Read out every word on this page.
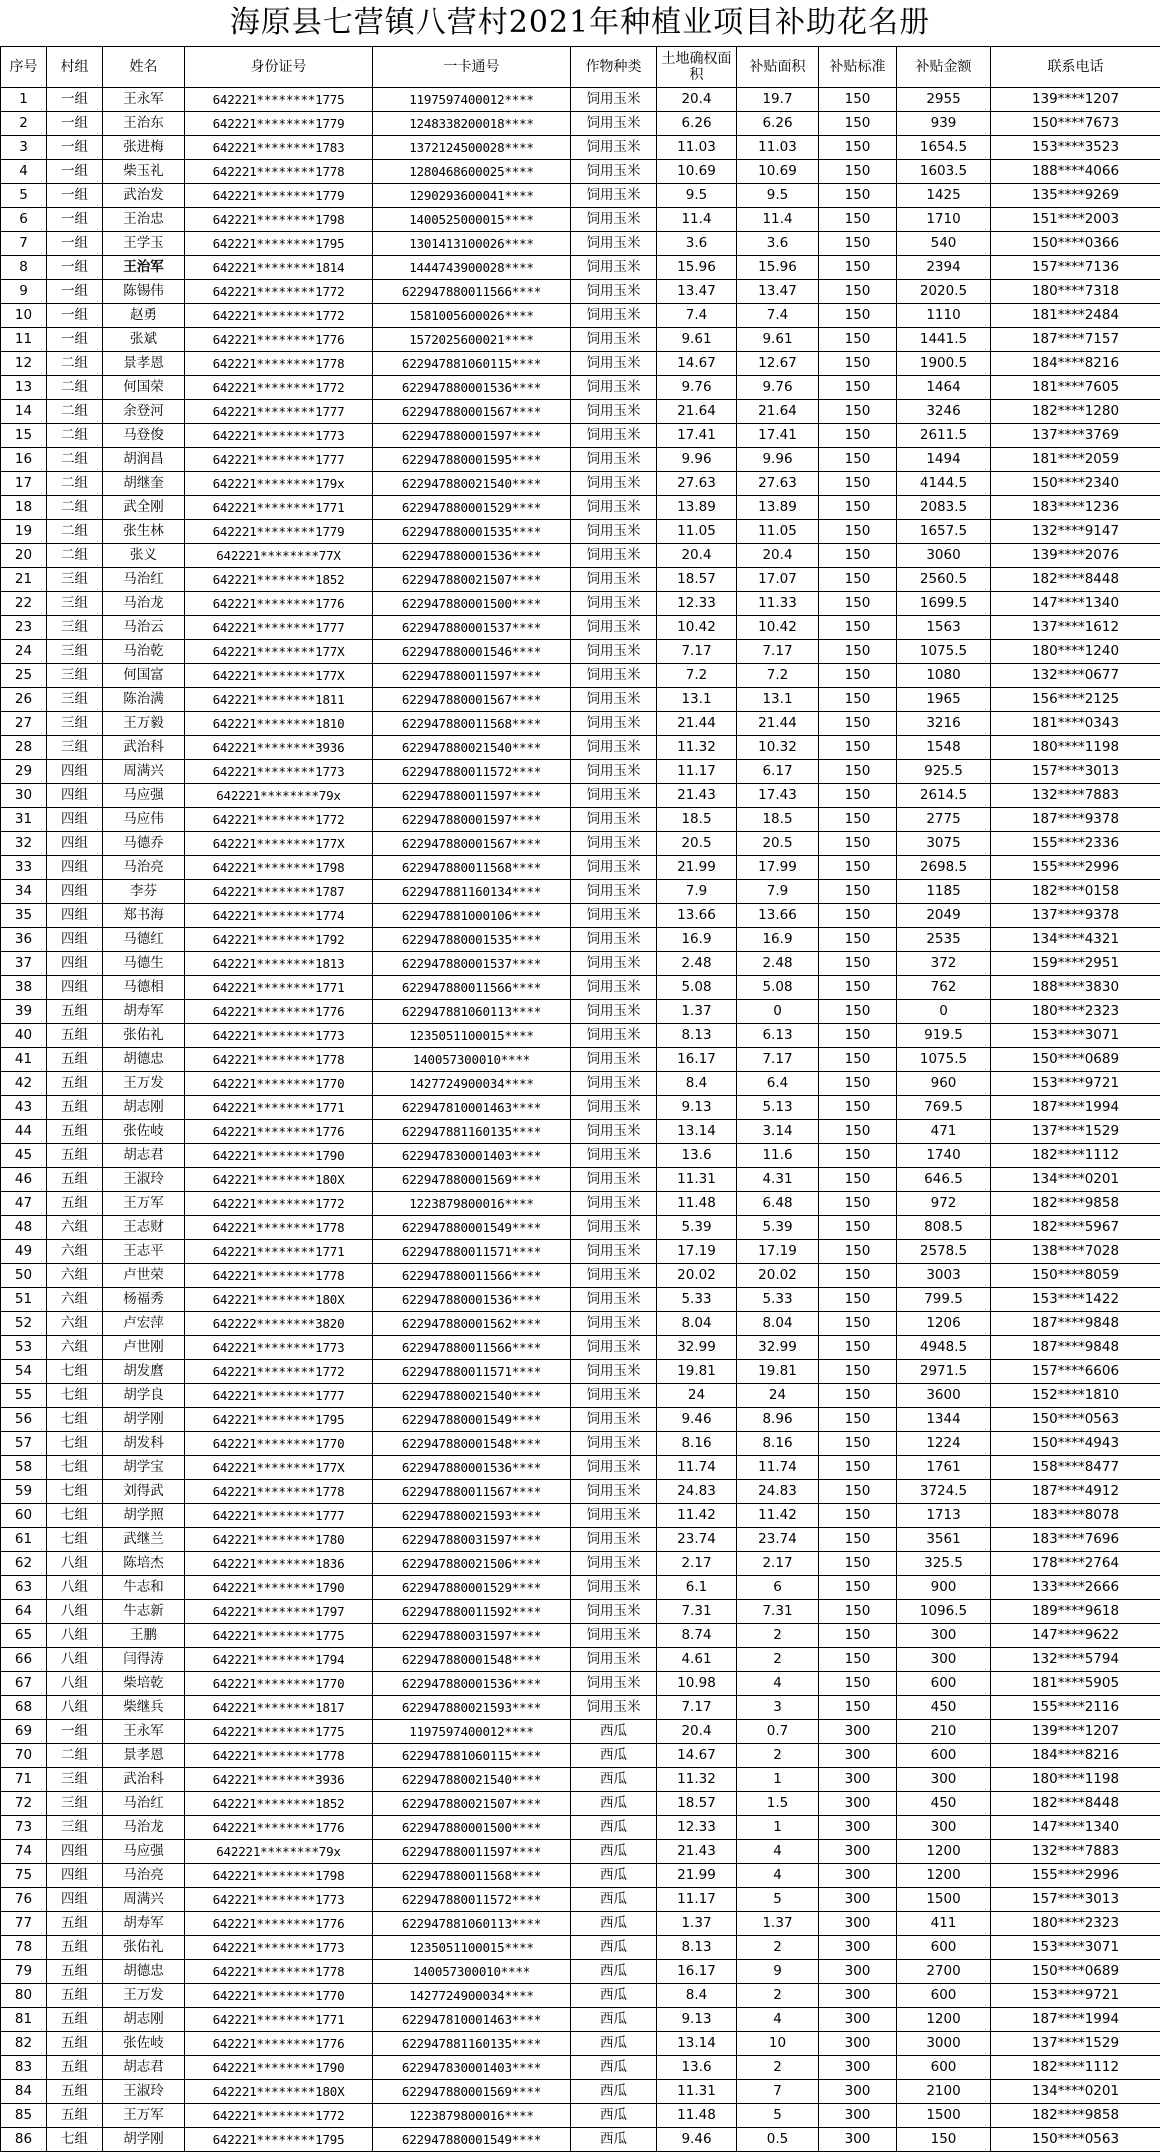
海原县七营镇八营村2021年种植业项目补助花名册
序号	村组	姓名	身份证号	一卡通号	作物种类	土地确权面积	补贴面积	补贴标准	补贴金额	联系电话
1	一组	王永军	642221********1775	1197597400012****	饲用玉米	20.4	19.7	150	2955	139****1207
2	一组	王治东	642221********1779	1248338200018****	饲用玉米	6.26	6.26	150	939	150****7673
3	一组	张进梅	642221********1783	1372124500028****	饲用玉米	11.03	11.03	150	1654.5	153****3523
4	一组	柴玉礼	642221********1778	1280468600025****	饲用玉米	10.69	10.69	150	1603.5	188****4066
5	一组	武治发	642221********1779	1290293600041****	饲用玉米	9.5	9.5	150	1425	135****9269
6	一组	王治忠	642221********1798	1400525000015****	饲用玉米	11.4	11.4	150	1710	151****2003
7	一组	王学玉	642221********1795	1301413100026****	饲用玉米	3.6	3.6	150	540	150****0366
8	一组	王治军	642221********1814	1444743900028****	饲用玉米	15.96	15.96	150	2394	157****7136
9	一组	陈锡伟	642221********1772	622947880011566****	饲用玉米	13.47	13.47	150	2020.5	180****7318
10	一组	赵勇	642221********1772	1581005600026****	饲用玉米	7.4	7.4	150	1110	181****2484
11	一组	张斌	642221********1776	1572025600021****	饲用玉米	9.61	9.61	150	1441.5	187****7157
12	二组	景孝恩	642221********1778	622947881060115****	饲用玉米	14.67	12.67	150	1900.5	184****8216
13	二组	何国荣	642221********1772	622947880001536****	饲用玉米	9.76	9.76	150	1464	181****7605
14	二组	余登河	642221********1777	622947880001567****	饲用玉米	21.64	21.64	150	3246	182****1280
15	二组	马登俊	642221********1773	622947880001597****	饲用玉米	17.41	17.41	150	2611.5	137****3769
16	二组	胡润昌	642221********1777	622947880001595****	饲用玉米	9.96	9.96	150	1494	181****2059
17	二组	胡继奎	642221********179x	622947880021540****	饲用玉米	27.63	27.63	150	4144.5	150****2340
18	二组	武全刚	642221********1771	622947880001529****	饲用玉米	13.89	13.89	150	2083.5	183****1236
19	二组	张生林	642221********1779	622947880001535****	饲用玉米	11.05	11.05	150	1657.5	132****9147
20	二组	张义	642221********77X	622947880001536****	饲用玉米	20.4	20.4	150	3060	139****2076
21	三组	马治红	642221********1852	622947880021507****	饲用玉米	18.57	17.07	150	2560.5	182****8448
22	三组	马治龙	642221********1776	622947880001500****	饲用玉米	12.33	11.33	150	1699.5	147****1340
23	三组	马治云	642221********1777	622947880001537****	饲用玉米	10.42	10.42	150	1563	137****1612
24	三组	马治乾	642221********177X	622947880001546****	饲用玉米	7.17	7.17	150	1075.5	180****1240
25	三组	何国富	642221********177X	622947880011597****	饲用玉米	7.2	7.2	150	1080	132****0677
26	三组	陈治满	642221********1811	622947880001567****	饲用玉米	13.1	13.1	150	1965	156****2125
27	三组	王万毅	642221********1810	622947880011568****	饲用玉米	21.44	21.44	150	3216	181****0343
28	三组	武治科	642221********3936	622947880021540****	饲用玉米	11.32	10.32	150	1548	180****1198
29	四组	周满兴	642221********1773	622947880011572****	饲用玉米	11.17	6.17	150	925.5	157****3013
30	四组	马应强	642221********79x	622947880011597****	饲用玉米	21.43	17.43	150	2614.5	132****7883
31	四组	马应伟	642221********1772	622947880001597****	饲用玉米	18.5	18.5	150	2775	187****9378
32	四组	马德乔	642221********177X	622947880001567****	饲用玉米	20.5	20.5	150	3075	155****2336
33	四组	马治亮	642221********1798	622947880011568****	饲用玉米	21.99	17.99	150	2698.5	155****2996
34	四组	李芬	642221********1787	622947881160134****	饲用玉米	7.9	7.9	150	1185	182****0158
35	四组	郑书海	642221********1774	622947881000106****	饲用玉米	13.66	13.66	150	2049	137****9378
36	四组	马德红	642221********1792	622947880001535****	饲用玉米	16.9	16.9	150	2535	134****4321
37	四组	马德生	642221********1813	622947880001537****	饲用玉米	2.48	2.48	150	372	159****2951
38	四组	马德相	642221********1771	622947880011566****	饲用玉米	5.08	5.08	150	762	188****3830
39	五组	胡寿军	642221********1776	622947881060113****	饲用玉米	1.37	0	150	0	180****2323
40	五组	张佑礼	642221********1773	1235051100015****	饲用玉米	8.13	6.13	150	919.5	153****3071
41	五组	胡德忠	642221********1778	140057300010****	饲用玉米	16.17	7.17	150	1075.5	150****0689
42	五组	王万发	642221********1770	1427724900034****	饲用玉米	8.4	6.4	150	960	153****9721
43	五组	胡志刚	642221********1771	622947810001463****	饲用玉米	9.13	5.13	150	769.5	187****1994
44	五组	张佐岐	642221********1776	622947881160135****	饲用玉米	13.14	3.14	150	471	137****1529
45	五组	胡志君	642221********1790	622947830001403****	饲用玉米	13.6	11.6	150	1740	182****1112
46	五组	王淑玲	642221********180X	622947880001569****	饲用玉米	11.31	4.31	150	646.5	134****0201
47	五组	王万军	642221********1772	1223879800016****	饲用玉米	11.48	6.48	150	972	182****9858
48	六组	王志财	642221********1778	622947880001549****	饲用玉米	5.39	5.39	150	808.5	182****5967
49	六组	王志平	642221********1771	622947880011571****	饲用玉米	17.19	17.19	150	2578.5	138****7028
50	六组	卢世荣	642221********1778	622947880011566****	饲用玉米	20.02	20.02	150	3003	150****8059
51	六组	杨福秀	642221********180X	622947880001536****	饲用玉米	5.33	5.33	150	799.5	153****1422
52	六组	卢宏萍	642222********3820	622947880001562****	饲用玉米	8.04	8.04	150	1206	187****9848
53	六组	卢世刚	642221********1773	622947880011566****	饲用玉米	32.99	32.99	150	4948.5	187****9848
54	七组	胡发麿	642221********1772	622947880011571****	饲用玉米	19.81	19.81	150	2971.5	157****6606
55	七组	胡学良	642221********1777	622947880021540****	饲用玉米	24	24	150	3600	152****1810
56	七组	胡学刚	642221********1795	622947880001549****	饲用玉米	9.46	8.96	150	1344	150****0563
57	七组	胡发科	642221********1770	622947880001548****	饲用玉米	8.16	8.16	150	1224	150****4943
58	七组	胡学宝	642221********177X	622947880001536****	饲用玉米	11.74	11.74	150	1761	158****8477
59	七组	刘得武	642221********1778	622947880011567****	饲用玉米	24.83	24.83	150	3724.5	187****4912
60	七组	胡学照	642221********1777	622947880021593****	饲用玉米	11.42	11.42	150	1713	183****8078
61	七组	武继兰	642221********1780	622947880031597****	饲用玉米	23.74	23.74	150	3561	183****7696
62	八组	陈培杰	642221********1836	622947880021506****	饲用玉米	2.17	2.17	150	325.5	178****2764
63	八组	牛志和	642221********1790	622947880001529****	饲用玉米	6.1	6	150	900	133****2666
64	八组	牛志新	642221********1797	622947880011592****	饲用玉米	7.31	7.31	150	1096.5	189****9618
65	八组	王鹏	642221********1775	622947880031597****	饲用玉米	8.74	2	150	300	147****9622
66	八组	闫得涛	642221********1794	622947880001548****	饲用玉米	4.61	2	150	300	132****5794
67	八组	柴培乾	642221********1770	622947880001536****	饲用玉米	10.98	4	150	600	181****5905
68	八组	柴继兵	642221********1817	622947880021593****	饲用玉米	7.17	3	150	450	155****2116
69	一组	王永军	642221********1775	1197597400012****	西瓜	20.4	0.7	300	210	139****1207
70	二组	景孝恩	642221********1778	622947881060115****	西瓜	14.67	2	300	600	184****8216
71	三组	武治科	642221********3936	622947880021540****	西瓜	11.32	1	300	300	180****1198
72	三组	马治红	642221********1852	622947880021507****	西瓜	18.57	1.5	300	450	182****8448
73	三组	马治龙	642221********1776	622947880001500****	西瓜	12.33	1	300	300	147****1340
74	四组	马应强	642221********79x	622947880011597****	西瓜	21.43	4	300	1200	132****7883
75	四组	马治亮	642221********1798	622947880011568****	西瓜	21.99	4	300	1200	155****2996
76	四组	周满兴	642221********1773	622947880011572****	西瓜	11.17	5	300	1500	157****3013
77	五组	胡寿军	642221********1776	622947881060113****	西瓜	1.37	1.37	300	411	180****2323
78	五组	张佑礼	642221********1773	1235051100015****	西瓜	8.13	2	300	600	153****3071
79	五组	胡德忠	642221********1778	140057300010****	西瓜	16.17	9	300	2700	150****0689
80	五组	王万发	642221********1770	1427724900034****	西瓜	8.4	2	300	600	153****9721
81	五组	胡志刚	642221********1771	622947810001463****	西瓜	9.13	4	300	1200	187****1994
82	五组	张佐岐	642221********1776	622947881160135****	西瓜	13.14	10	300	3000	137****1529
83	五组	胡志君	642221********1790	622947830001403****	西瓜	13.6	2	300	600	182****1112
84	五组	王淑玲	642221********180X	622947880001569****	西瓜	11.31	7	300	2100	134****0201
85	五组	王万军	642221********1772	1223879800016****	西瓜	11.48	5	300	1500	182****9858
86	七组	胡学刚	642221********1795	622947880001549****	西瓜	9.46	0.5	300	150	150****0563
